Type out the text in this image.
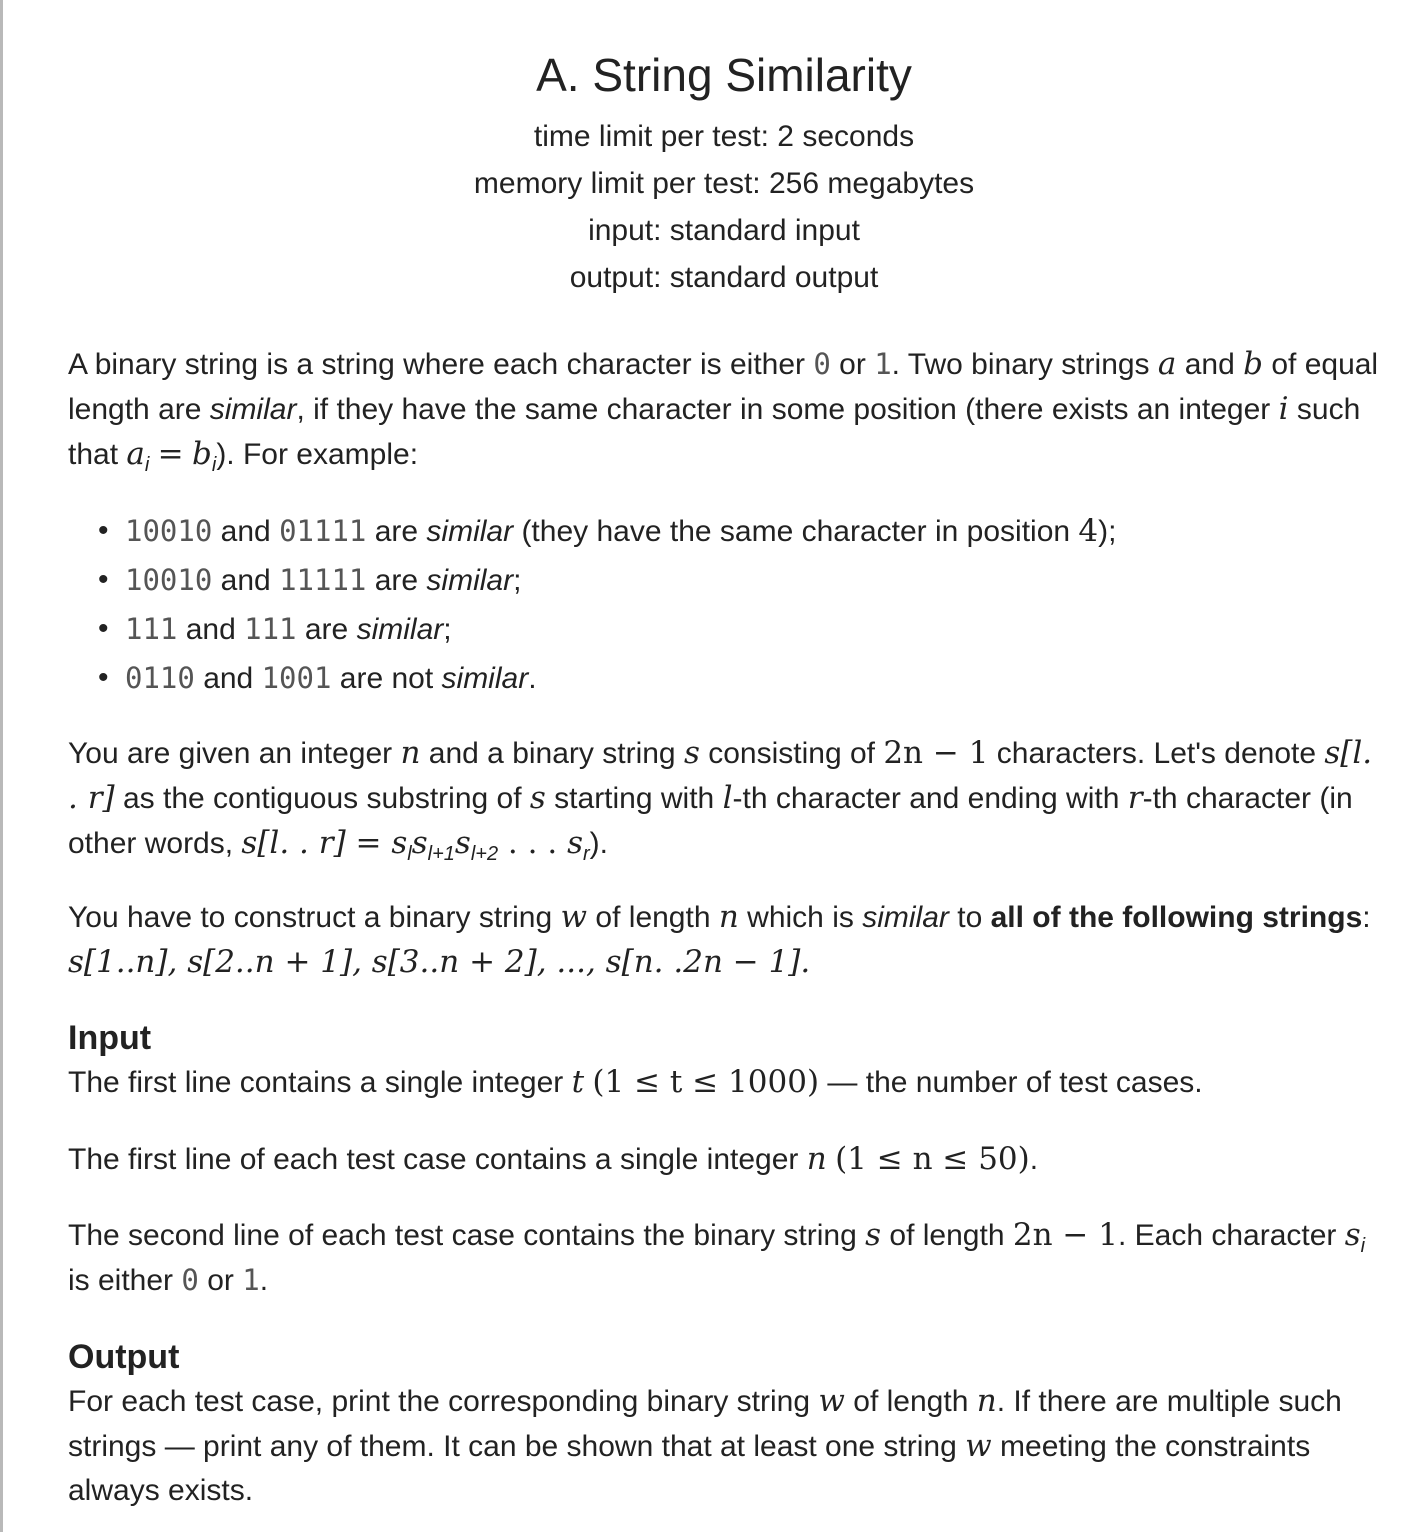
A. String Similarity
time limit per test: 2 seconds
memory limit per test: 256 megabytes
input: standard input
output: standard output
A binary string is a string where each character is either 0 or 1. Two binary strings a and b of equal length are similar, if they have the same character in some position (there exists an integer i such that $a_i = b_i$). For example:
• 10010 and 01111 are similar (they have the same character in position 4);
• 10010 and 11111 are similar;
• 111 and 111 are similar;
• 0110 and 1001 are not similar.
You are given an integer n and a binary string s consisting of 2n − 1 characters. Let's denote s[l. . r] as the contiguous substring of s starting with l-th character and ending with r-th character (in other words, s[l. . $r] = s_ls_{l+1}s_{l+2}$ . . . $s_r$).
You have to construct a binary string w of length n which is similar to all of the following strings: s[1..n], s[2..n + 1], s[3..n + 2], ..., s[n. .2n − 1].
Input
The first line contains a single integer t (1 ≤ t ≤ 1000) — the number of test cases.
The first line of each test case contains a single integer n (1 ≤ n ≤ 50).
The second line of each test case contains the binary string s of length 2n − 1. Each character $s_i$ is either 0 or 1.
Output
For each test case, print the corresponding binary string w of length n. If there are multiple such strings — print any of them. It can be shown that at least one string w meeting the constraints always exists.
